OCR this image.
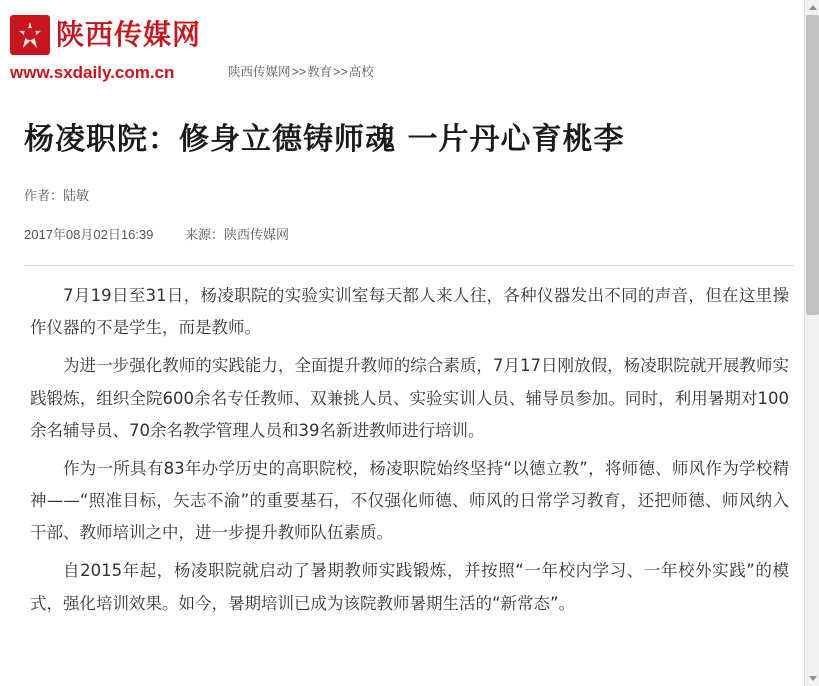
陕西传媒网
www.sxdaily.com.cn	陕西传媒网>>教育>>高校
杨凌职院：修身立德铸师魂 一片丹心育桃李
作者：陆敏
2017年08月02日16:39 来源：陕西传媒网

7月19日至31日，杨凌职院的实验实训室每天都人来人往，各种仪器发出不同的声音，但在这里操作仪器的不是学生，而是教师。

为进一步强化教师的实践能力，全面提升教师的综合素质，7月17日刚放假，杨凌职院就开展教师实践锻炼，组织全院600余名专任教师、双兼挑人员、实验实训人员、辅导员参加。同时，利用暑期对100余名辅导员、70余名教学管理人员和39名新进教师进行培训。

作为一所具有83年办学历史的高职院校，杨凌职院始终坚持“以德立教”，将师德、师风作为学校精神——“照准目标，矢志不渝”的重要基石，不仅强化师德、师风的日常学习教育，还把师德、师风纳入干部、教师培训之中，进一步提升教师队伍素质。

自2015年起，杨凌职院就启动了暑期教师实践锻炼，并按照“一年校内学习、一年校外实践”的模式，强化培训效果。如今，暑期培训已成为该院教师暑期生活的“新常态”。
